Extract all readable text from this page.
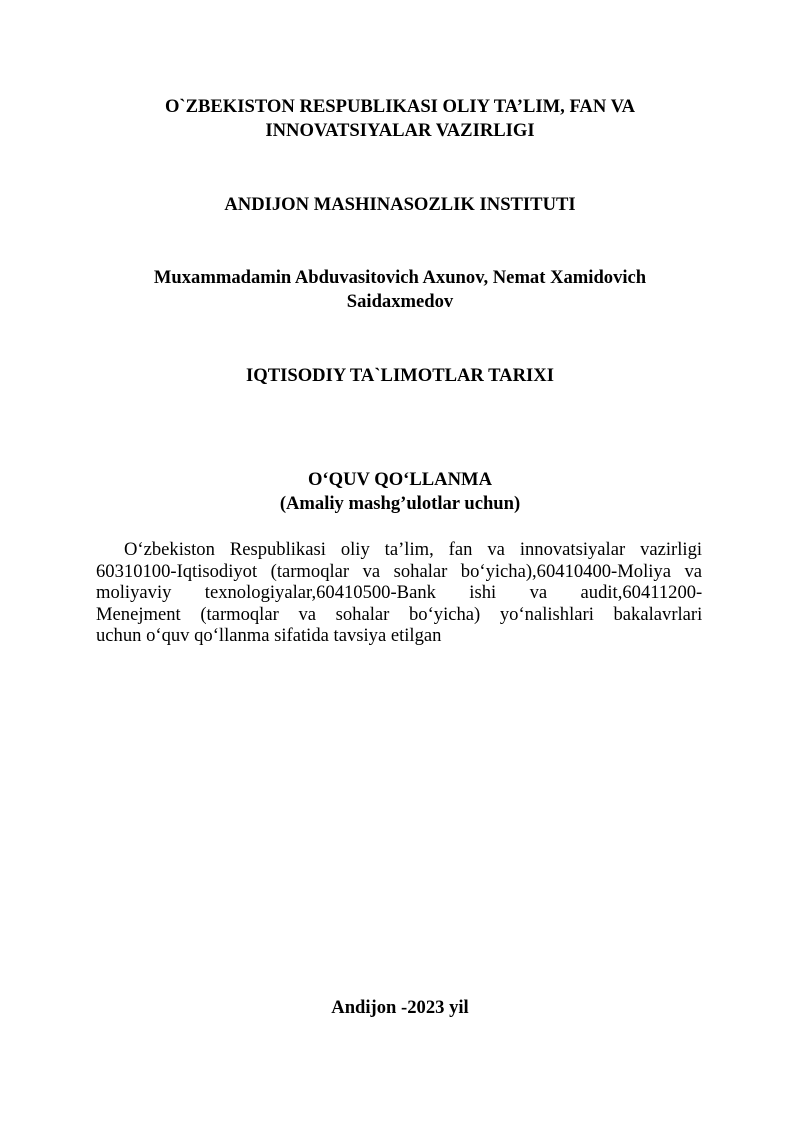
O`ZBEKISTON RESPUBLIKASI OLIY TA’LIM, FAN VA
INNOVATSIYALAR VAZIRLIGI
ANDIJON MASHINASOZLIK INSTITUTI
Muxammadamin Abduvasitovich Axunov, Nemat Xamidovich
Saidaxmedov
IQTISODIY TA`LIMOTLAR TARIXI
O‘QUV QO‘LLANMA
(Amaliy mashg’ulotlar uchun)
O‘zbekiston Respublikasi oliy ta’lim, fan va innovatsiyalar vazirligi
60310100-Iqtisodiyot (tarmoqlar va sohalar bo‘yicha),60410400-Moliya va
moliyaviy texnologiyalar,60410500-Bank ishi va audit,60411200-
Menejment (tarmoqlar va sohalar bo‘yicha) yo‘nalishlari bakalavrlari
uchun o‘quv qo‘llanma sifatida tavsiya etilgan
Andijon -2023 yil
